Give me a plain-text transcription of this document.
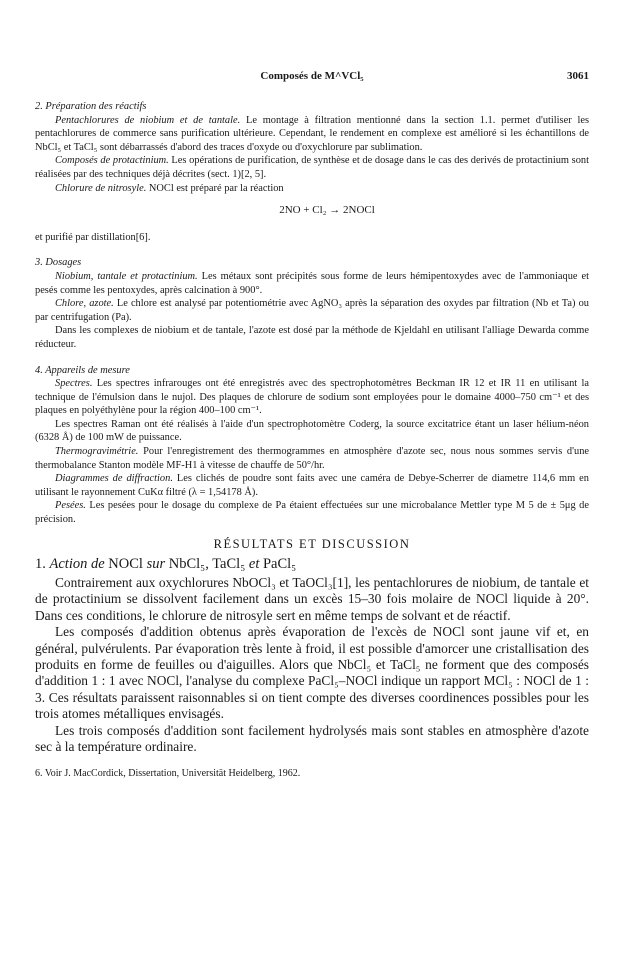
Composés de M^VCl₅	3061

2. Préparation des réactifs

Pentachlorures de niobium et de tantale. Le montage à filtration mentionné dans la section 1.1. permet d'utiliser les pentachlorures de commerce sans purification ultérieure. Cependant, le rendement en complexe est amélioré si les échantillons de NbCl₅ et TaCl₅ sont débarrassés d'abord des traces d'oxyde ou d'oxychlorure par sublimation.

Composés de protactinium. Les opérations de purification, de synthèse et de dosage dans le cas des derivés de protactinium sont réalisées par des techniques déjà décrites (sect. 1)[2, 5].

Chlorure de nitrosyle. NOCl est préparé par la réaction

2NO + Cl₂ → 2NOCl

et purifié par distillation[6].

3. Dosages

Niobium, tantale et protactinium. Les métaux sont précipités sous forme de leurs hémipentoxydes avec de l'ammoniaque et pesés comme les pentoxydes, après calcination à 900°.

Chlore, azote. Le chlore est analysé par potentiométrie avec AgNO₃ après la séparation des oxydes par filtration (Nb et Ta) ou par centrifugation (Pa).

Dans les complexes de niobium et de tantale, l'azote est dosé par la méthode de Kjeldahl en utilisant l'alliage Dewarda comme réducteur.

4. Appareils de mesure

Spectres. Les spectres infrarouges ont été enregistrés avec des spectrophotomètres Beckman IR 12 et IR 11 en utilisant la technique de l'émulsion dans le nujol. Des plaques de chlorure de sodium sont employées pour le domaine 4000–750 cm⁻¹ et des plaques en polyéthylène pour la région 400–100 cm⁻¹.

Les spectres Raman ont été réalisés à l'aide d'un spectrophotomètre Coderg, la source excitatrice étant un laser hélium-néon (6328 Å) de 100 mW de puissance.

Thermogravimétrie. Pour l'enregistrement des thermogrammes en atmosphère d'azote sec, nous nous sommes servis d'une thermobalance Stanton modèle MF-H1 à vitesse de chauffe de 50°/hr.

Diagrammes de diffraction. Les clichés de poudre sont faits avec une caméra de Debye-Scherrer de diametre 114,6 mm en utilisant le rayonnement CuKα filtré (λ = 1,54178 Å).

Pesées. Les pesées pour le dosage du complexe de Pa étaient effectuées sur une microbalance Mettler type M 5 de ± 5μg de précision.

RÉSULTATS ET DISCUSSION

1. Action de NOCl sur NbCl₅, TaCl₅ et PaCl₅

Contrairement aux oxychlorures NbOCl₃ et TaOCl₃[1], les pentachlorures de niobium, de tantale et de protactinium se dissolvent facilement dans un excès 15–30 fois molaire de NOCl liquide à 20°. Dans ces conditions, le chlorure de nitrosyle sert en même temps de solvant et de réactif.

Les composés d'addition obtenus après évaporation de l'excès de NOCl sont jaune vif et, en général, pulvérulents. Par évaporation très lente à froid, il est possible d'amorcer une cristallisation des produits en forme de feuilles ou d'aiguilles. Alors que NbCl₅ et TaCl₅ ne forment que des composés d'addition 1 : 1 avec NOCl, l'analyse du complexe PaCl₅–NOCl indique un rapport MCl₅ : NOCl de 1 : 3. Ces résultats paraissent raisonnables si on tient compte des diverses coordinences possibles pour les trois atomes métalliques envisagés.

Les trois composés d'addition sont facilement hydrolysés mais sont stables en atmosphère d'azote sec à la température ordinaire.

6. Voir J. MacCordick, Dissertation, Universität Heidelberg, 1962.
